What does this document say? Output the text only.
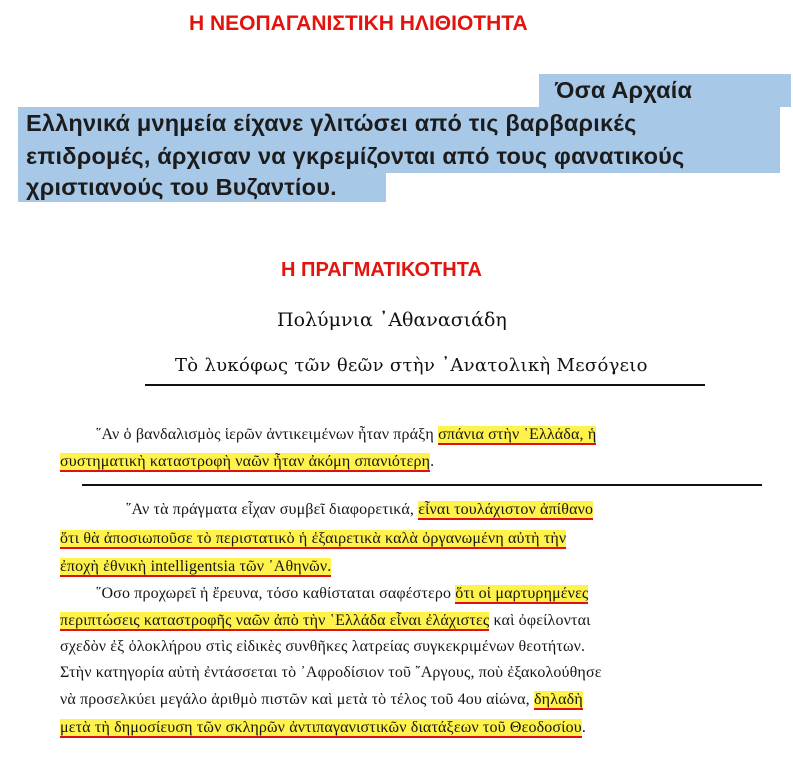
Η ΝΕΟΠΑΓΑΝΙΣΤΙΚΗ ΗΛΙΘΙΟΤΗΤΑ
Όσα Αρχαία
Ελληνικά μνημεία είχανε γλιτώσει από τις βαρβαρικές
επιδρομές, άρχισαν να γκρεμίζονται από τους φανατικούς
χριστιανούς του Βυζαντίου.
Η ΠΡΑΓΜΑΤΙΚΟΤΗΤΑ
Πολύμνια ᾽Αθανασιάδη
Τὸ λυκόφως τῶν θεῶν στὴν ᾽Ανατολικὴ Μεσόγειο
῞Αν ὁ βανδαλισμὸς ἱερῶν ἀντικειμένων ἦταν πράξη σπάνια στὴν ῾Ελλάδα, ἡ
συστηματικὴ καταστροφὴ ναῶν ἦταν ἀκόμη σπανιότερη.
῞Αν τὰ πράγματα εἶχαν συμβεῖ διαφορετικά, εἶναι τουλάχιστον ἀπίθανο
ὅτι θὰ ἀποσιωποῦσε τὸ περιστατικὸ ἡ ἐξαιρετικὰ καλὰ ὀργανωμένη αὐτὴ τὴν
ἐποχὴ ἐθνικὴ intelligentsia τῶν ᾽Αθηνῶν.
῞Οσο προχωρεῖ ἡ ἔρευνα, τόσο καθίσταται σαφέστερο ὅτι οἱ μαρτυρημένες
περιπτώσεις καταστροφῆς ναῶν ἀπὸ τὴν ῾Ελλάδα εἶναι ἐλάχιστες καὶ ὀφείλονται
σχεδὸν ἐξ ὁλοκλήρου στὶς εἰδικὲς συνθῆκες λατρείας συγκεκριμένων θεοτήτων.
Στὴν κατηγορία αὐτὴ ἐντάσσεται τὸ ᾽Αφροδίσιον τοῦ ῎Αργους, ποὺ ἐξακολούθησε
νὰ προσελκύει μεγάλο ἀριθμὸ πιστῶν καὶ μετὰ τὸ τέλος τοῦ 4ου αἰώνα, δηλαδὴ
μετὰ τὴ δημοσίευση τῶν σκληρῶν ἀντιπαγανιστικῶν διατάξεων τοῦ Θεοδοσίου.
